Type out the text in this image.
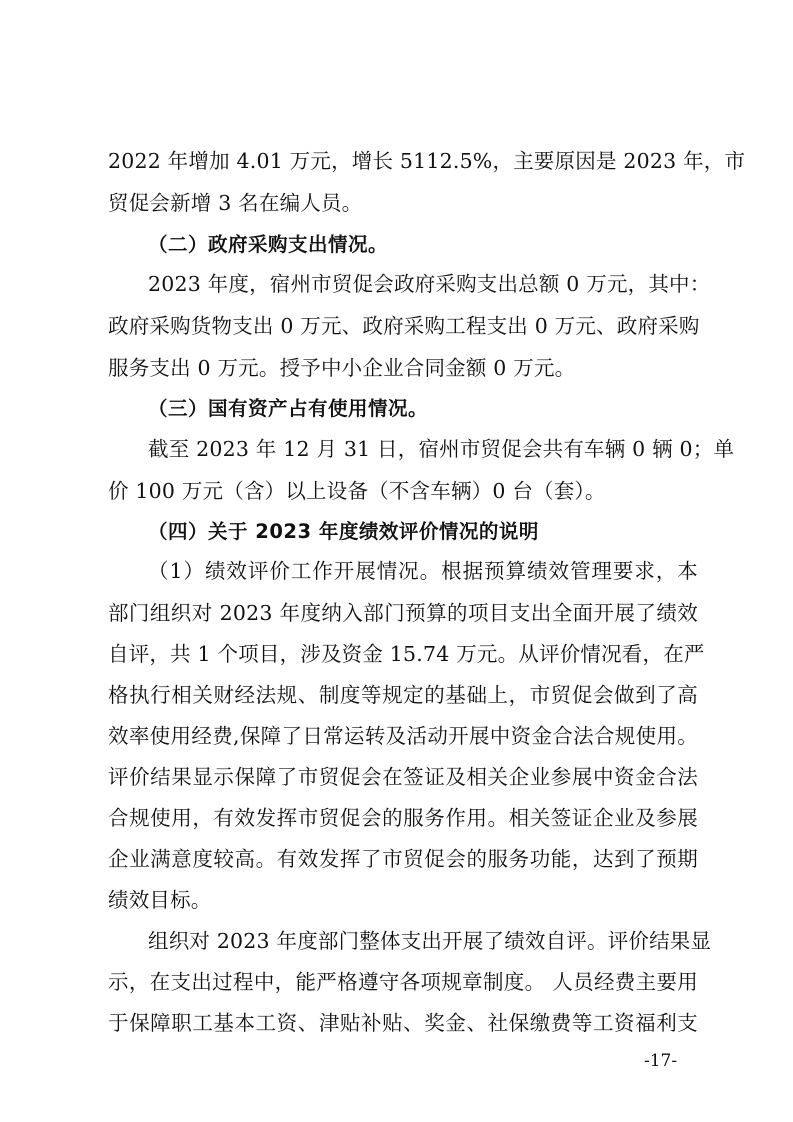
2022 年增加 4.01 万元，增长 5112.5%，主要原因是 2023 年，市
贸促会新增 3 名在编人员。
（二）政府采购支出情况。
2023 年度，宿州市贸促会政府采购支出总额 0 万元，其中：
政府采购货物支出 0 万元、政府采购工程支出 0 万元、政府采购
服务支出 0 万元。授予中小企业合同金额 0 万元。
（三）国有资产占有使用情况。
截至 2023 年 12 月 31 日，宿州市贸促会共有车辆 0 辆 0；单
价 100 万元（含）以上设备（不含车辆）0 台（套）。
（四）关于 2023 年度绩效评价情况的说明
（1）绩效评价工作开展情况。根据预算绩效管理要求，本
部门组织对 2023 年度纳入部门预算的项目支出全面开展了绩效
自评，共 1 个项目，涉及资金 15.74 万元。从评价情况看，在严
格执行相关财经法规、制度等规定的基础上，市贸促会做到了高
效率使用经费,保障了日常运转及活动开展中资金合法合规使用。
评价结果显示保障了市贸促会在签证及相关企业参展中资金合法
合规使用，有效发挥市贸促会的服务作用。相关签证企业及参展
企业满意度较高。有效发挥了市贸促会的服务功能，达到了预期
绩效目标。
组织对 2023 年度部门整体支出开展了绩效自评。评价结果显
示，在支出过程中，能严格遵守各项规章制度。 人员经费主要用
于保障职工基本工资、津贴补贴、奖金、社保缴费等工资福利支
-17-
